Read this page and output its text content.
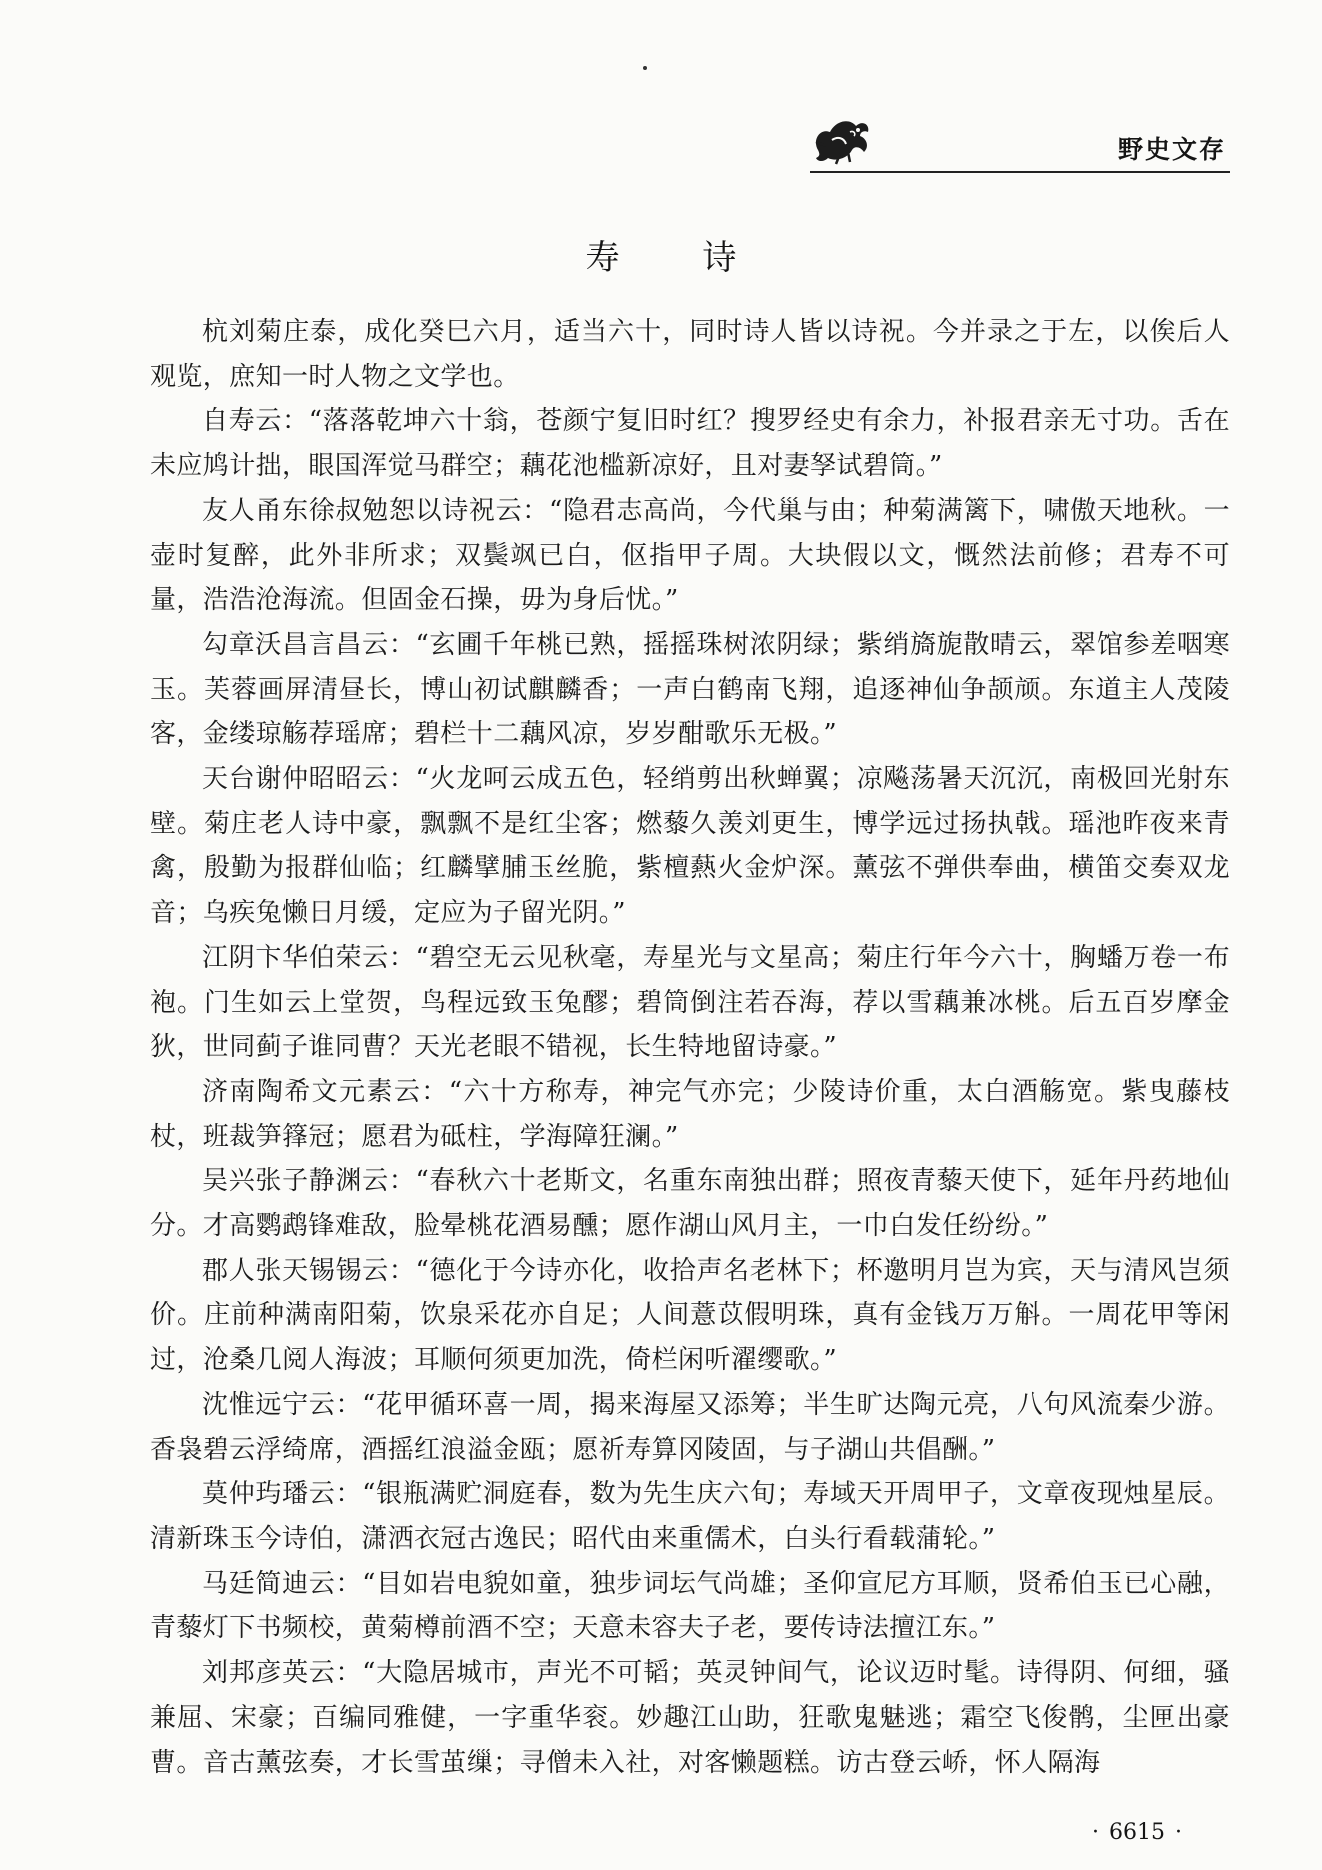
野史文存
寿 诗

杭刘菊庄泰，成化癸巳六月，适当六十，同时诗人皆以诗祝。今并录之于左，以俟后人观览，庶知一时人物之文学也。

自寿云：“落落乾坤六十翁，苍颜宁复旧时红？搜罗经史有余力，补报君亲无寸功。舌在未应鸠计拙，眼国浑觉马群空；藕花池槛新凉好，且对妻孥试碧筒。”

友人甬东徐叔勉恕以诗祝云：“隐君志高尚，今代巢与由；种菊满篱下，啸傲天地秋。一壶时复醉，此外非所求；双鬓飒已白，伛指甲子周。大块假以文，慨然法前修；君寿不可量，浩浩沧海流。但固金石操，毋为身后忧。”

勾章沃昌言昌云：“玄圃千年桃已熟，摇摇珠树浓阴绿；紫绡旖旎散晴云，翠馆参差咽寒玉。芙蓉画屏清昼长，博山初试麒麟香；一声白鹤南飞翔，追逐神仙争颉颃。东道主人茂陵客，金缕琼觞荐瑶席；碧栏十二藕风凉，岁岁酣歌乐无极。”

天台谢仲昭昭云：“火龙呵云成五色，轻绡剪出秋蝉翼；凉飚荡暑天沉沉，南极回光射东壁。菊庄老人诗中豪，飘飘不是红尘客；燃藜久羡刘更生，博学远过扬执戟。瑶池昨夜来青禽，殷勤为报群仙临；红麟擘脯玉丝脆，紫檀爇火金炉深。薰弦不弹供奉曲，横笛交奏双龙音；乌疾兔懒日月缓，定应为子留光阴。”

江阴卞华伯荣云：“碧空无云见秋毫，寿星光与文星高；菊庄行年今六十，胸蟠万卷一布袍。门生如云上堂贺，鸟程远致玉兔醪；碧筒倒注若吞海，荐以雪藕兼冰桃。后五百岁摩金狄，世同蓟子谁同曹？天光老眼不错视，长生特地留诗豪。”

济南陶希文元素云：“六十方称寿，神完气亦完；少陵诗价重，太白酒觞宽。紫曳藤枝杖，班裁笋箨冠；愿君为砥柱，学海障狂澜。”

吴兴张子静渊云：“春秋六十老斯文，名重东南独出群；照夜青藜天使下，延年丹药地仙分。才高鹦鹉锋难敌，脸晕桃花酒易醺；愿作湖山风月主，一巾白发任纷纷。”

郡人张天锡锡云：“德化于今诗亦化，收拾声名老林下；杯邀明月岂为宾，天与清风岂须价。庄前种满南阳菊，饮泉采花亦自足；人间薏苡假明珠，真有金钱万万斛。一周花甲等闲过，沧桑几阅人海波；耳顺何须更加洗，倚栏闲听濯缨歌。”

沈惟远宁云：“花甲循环喜一周，揭来海屋又添筹；半生旷达陶元亮，八句风流秦少游。香袅碧云浮绮席，酒摇红浪溢金瓯；愿祈寿算冈陵固，与子湖山共倡酬。”

莫仲玙璠云：“银瓶满贮洞庭春，数为先生庆六旬；寿域天开周甲子，文章夜现烛星辰。清新珠玉今诗伯，潇洒衣冠古逸民；昭代由来重儒术，白头行看载蒲轮。”

马廷简迪云：“目如岩电貌如童，独步词坛气尚雄；圣仰宣尼方耳顺，贤希伯玉已心融，青藜灯下书频校，黄菊樽前酒不空；天意未容夫子老，要传诗法擅江东。”

刘邦彦英云：“大隐居城市，声光不可韬；英灵钟间气，论议迈时髦。诗得阴、何细，骚兼屈、宋豪；百编同雅健，一字重华衮。妙趣江山助，狂歌鬼魅逃；霜空飞俊鹘，尘匣出豪曹。音古薰弦奏，才长雪茧缫；寻僧未入社，对客懒题糕。访古登云峤，怀人隔海

· 6615 ·
